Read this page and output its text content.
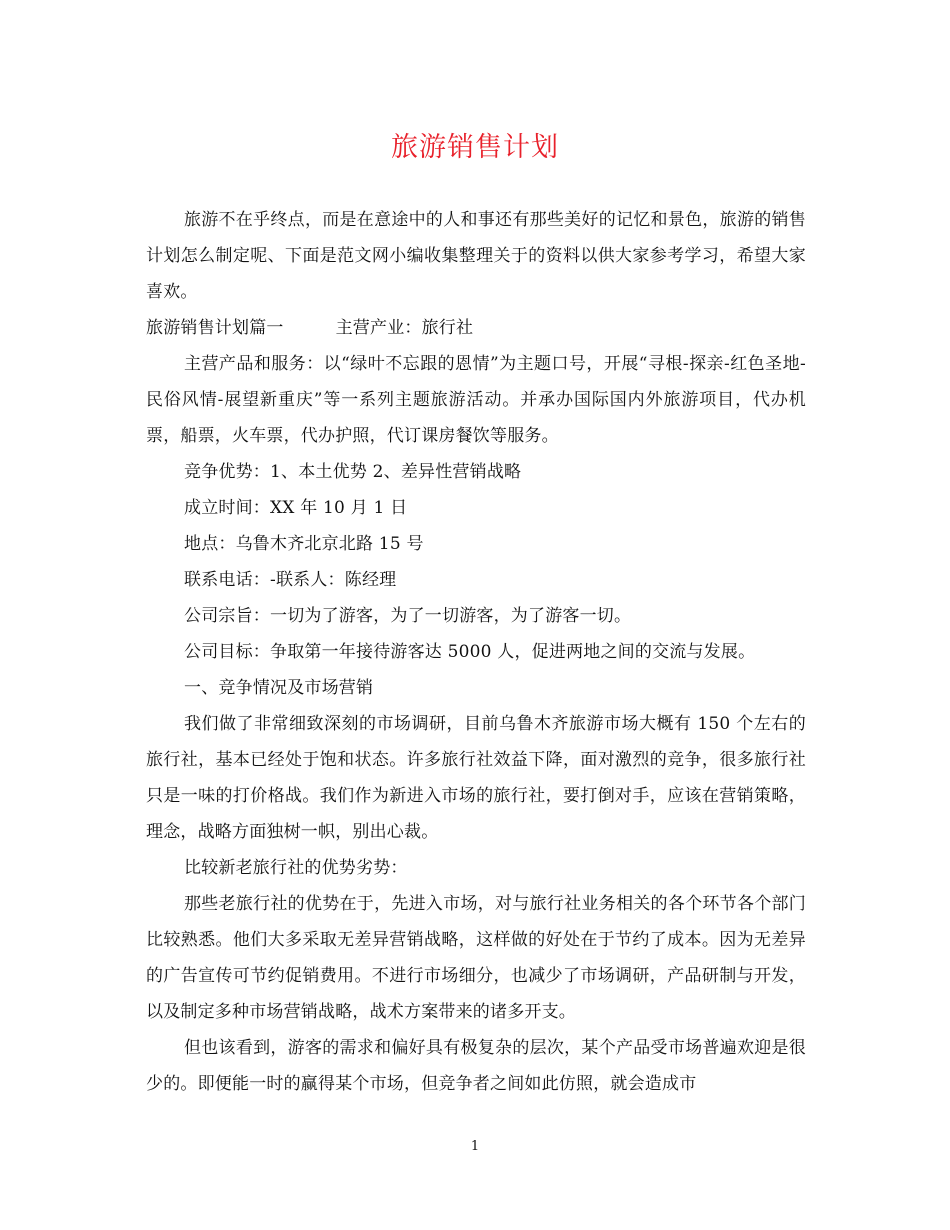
旅游销售计划

旅游不在乎终点，而是在意途中的人和事还有那些美好的记忆和景色，旅游的销售计划怎么制定呢、下面是范文网小编收集整理关于的资料以供大家参考学习，希望大家喜欢。

旅游销售计划篇一	主营产业：旅行社

主营产品和服务：以“绿叶不忘跟的恩情”为主题口号，开展“寻根-探亲-红色圣地-民俗风情-展望新重庆”等一系列主题旅游活动。并承办国际国内外旅游项目，代办机票，船票，火车票，代办护照，代订课房餐饮等服务。

竞争优势：1、本土优势 2、差异性营销战略

成立时间：XX 年 10 月 1 日

地点：乌鲁木齐北京北路 15 号

联系电话：-联系人：陈经理

公司宗旨：一切为了游客，为了一切游客，为了游客一切。

公司目标：争取第一年接待游客达 5000 人，促进两地之间的交流与发展。

一、竞争情况及市场营销

我们做了非常细致深刻的市场调研，目前乌鲁木齐旅游市场大概有 150 个左右的旅行社，基本已经处于饱和状态。许多旅行社效益下降，面对激烈的竞争，很多旅行社只是一味的打价格战。我们作为新进入市场的旅行社，要打倒对手，应该在营销策略，理念，战略方面独树一帜，别出心裁。

比较新老旅行社的优势劣势：

那些老旅行社的优势在于，先进入市场，对与旅行社业务相关的各个环节各个部门比较熟悉。他们大多采取无差异营销战略，这样做的好处在于节约了成本。因为无差异的广告宣传可节约促销费用。不进行市场细分，也减少了市场调研，产品研制与开发，以及制定多种市场营销战略，战术方案带来的诸多开支。

但也该看到，游客的需求和偏好具有极复杂的层次，某个产品受市场普遍欢迎是很少的。即便能一时的赢得某个市场，但竞争者之间如此仿照，就会造成市

1
